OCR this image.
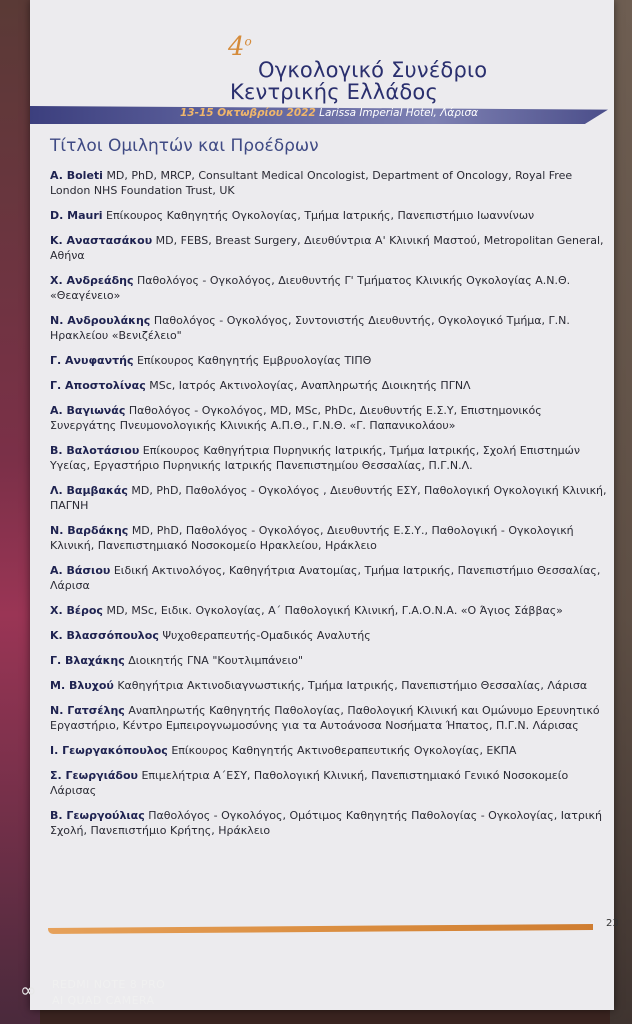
$4^o$
Ογκολογικό Συνέδριο
Κεντρικής Ελλάδος
13-15 Οκτωβρίου 2022 Larissa Imperial Hotel, Λάρισα
Τίτλοι Ομιλητών και Προέδρων
A. Boleti MD, PhD, MRCP, Consultant Medical Oncologist, Department of Oncology, Royal Free London NHS Foundation Trust, UK
D. Mauri Επίκουρος Καθηγητής Ογκολογίας, Τμήμα Ιατρικής, Πανεπιστήμιο Ιωαννίνων
Κ. Αναστασάκου MD, FEBS, Breast Surgery, Διευθύντρια Α' Κλινική Μαστού, Metropolitan General, Αθήνα
Χ. Ανδρεάδης Παθολόγος - Ογκολόγος, Διευθυντής Γ' Τμήματος Κλινικής Ογκολογίας Α.Ν.Θ. «Θεαγένειο»
Ν. Ανδρουλάκης Παθολόγος - Ογκολόγος, Συντονιστής Διευθυντής, Ογκολογικό Τμήμα, Γ.Ν. Ηρακλείου «Βενιζέλειο"
Γ. Ανυφαντής Επίκουρος Καθηγητής Εμβρυολογίας ΤΙΠΘ
Γ. Αποστολίνας MSc, Ιατρός Ακτινολογίας, Αναπληρωτής Διοικητής ΠΓΝΛ
Α. Βαγιωνάς Παθολόγος - Ογκολόγος, MD, MSc, PhDc, Διευθυντής Ε.Σ.Υ, Επιστημονικός Συνεργάτης Πνευμονολογικής Κλινικής Α.Π.Θ., Γ.Ν.Θ. «Γ. Παπανικολάου»
Β. Βαλοτάσιου Επίκουρος Καθηγήτρια Πυρηνικής Ιατρικής, Τμήμα Ιατρικής, Σχολή Επιστημών Υγείας, Εργαστήριο Πυρηνικής Ιατρικής Πανεπιστημίου Θεσσαλίας, Π.Γ.Ν.Λ.
Λ. Βαμβακάς MD, PhD, Παθολόγος - Ογκολόγος , Διευθυντής ΕΣΥ, Παθολογική Ογκολογική Κλινική, ΠΑΓΝΗ
Ν. Βαρδάκης MD, PhD, Παθολόγος - Ογκολόγος, Διευθυντής Ε.Σ.Υ., Παθολογική - Ογκολογική Κλινική, Πανεπιστημιακό Νοσοκομείο Ηρακλείου, Ηράκλειο
Α. Βάσιου Ειδική Ακτινολόγος, Καθηγήτρια Ανατομίας, Τμήμα Ιατρικής, Πανεπιστήμιο Θεσσαλίας, Λάρισα
Χ. Βέρος MD, MSc, Ειδικ. Ογκολογίας, Α΄ Παθολογική Κλινική, Γ.Α.Ο.Ν.Α. «Ο Άγιος Σάββας»
Κ. Βλασσόπουλος Ψυχοθεραπευτής-Ομαδικός Αναλυτής
Γ. Βλαχάκης Διοικητής ΓΝΑ "Κουτλιμπάνειο"
Μ. Βλυχού Καθηγήτρια Ακτινοδιαγνωστικής, Τμήμα Ιατρικής, Πανεπιστήμιο Θεσσαλίας, Λάρισα
Ν. Γατσέλης Αναπληρωτής Καθηγητής Παθολογίας, Παθολογική Κλινική και Ομώνυμο Ερευνητικό Εργαστήριο, Κέντρο Εμπειρογνωμοσύνης για τα Αυτοάνοσα Νοσήματα Ήπατος, Π.Γ.Ν. Λάρισας
Ι. Γεωργακόπουλος Επίκουρος Καθηγητής Ακτινοθεραπευτικής Ογκολογίας, ΕΚΠΑ
Σ. Γεωργιάδου Επιμελήτρια Α΄ΕΣΥ, Παθολογική Κλινική, Πανεπιστημιακό Γενικό Νοσοκομείο Λάρισας
Β. Γεωργούλιας Παθολόγος - Ογκολόγος, Ομότιμος Καθηγητής Παθολογίας - Ογκολογίας, Ιατρική Σχολή, Πανεπιστήμιο Κρήτης, Ηράκλειο
23
∞ REDMI NOTE 8 PRO
AI QUAD CAMERA
